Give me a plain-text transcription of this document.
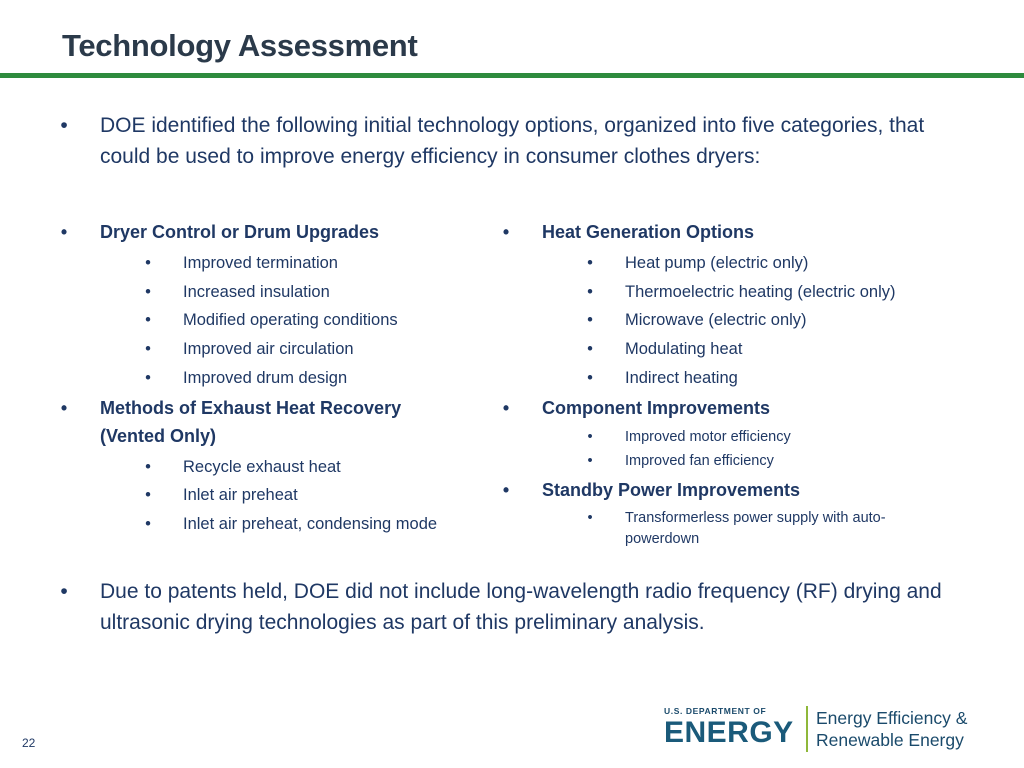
Technology Assessment
• DOE identified the following initial technology options, organized into five categories, that could be used to improve energy efficiency in consumer clothes dryers:
• Dryer Control or Drum Upgrades
• Improved termination
• Increased insulation
• Modified operating conditions
• Improved air circulation
• Improved drum design
• Methods of Exhaust Heat Recovery
(Vented Only)
• Recycle exhaust heat
• Inlet air preheat
• Inlet air preheat, condensing mode
• Heat Generation Options
• Heat pump (electric only)
• Thermoelectric heating (electric only)
• Microwave (electric only)
• Modulating heat
• Indirect heating
• Component Improvements
• Improved motor efficiency
• Improved fan efficiency
• Standby Power Improvements
• Transformerless power supply with auto-
powerdown
• Due to patents held, DOE did not include long-wavelength radio frequency (RF) drying and ultrasonic drying technologies as part of this preliminary analysis.
22
U.S. DEPARTMENT OF
ENERGY Energy Efficiency &
Renewable Energy
